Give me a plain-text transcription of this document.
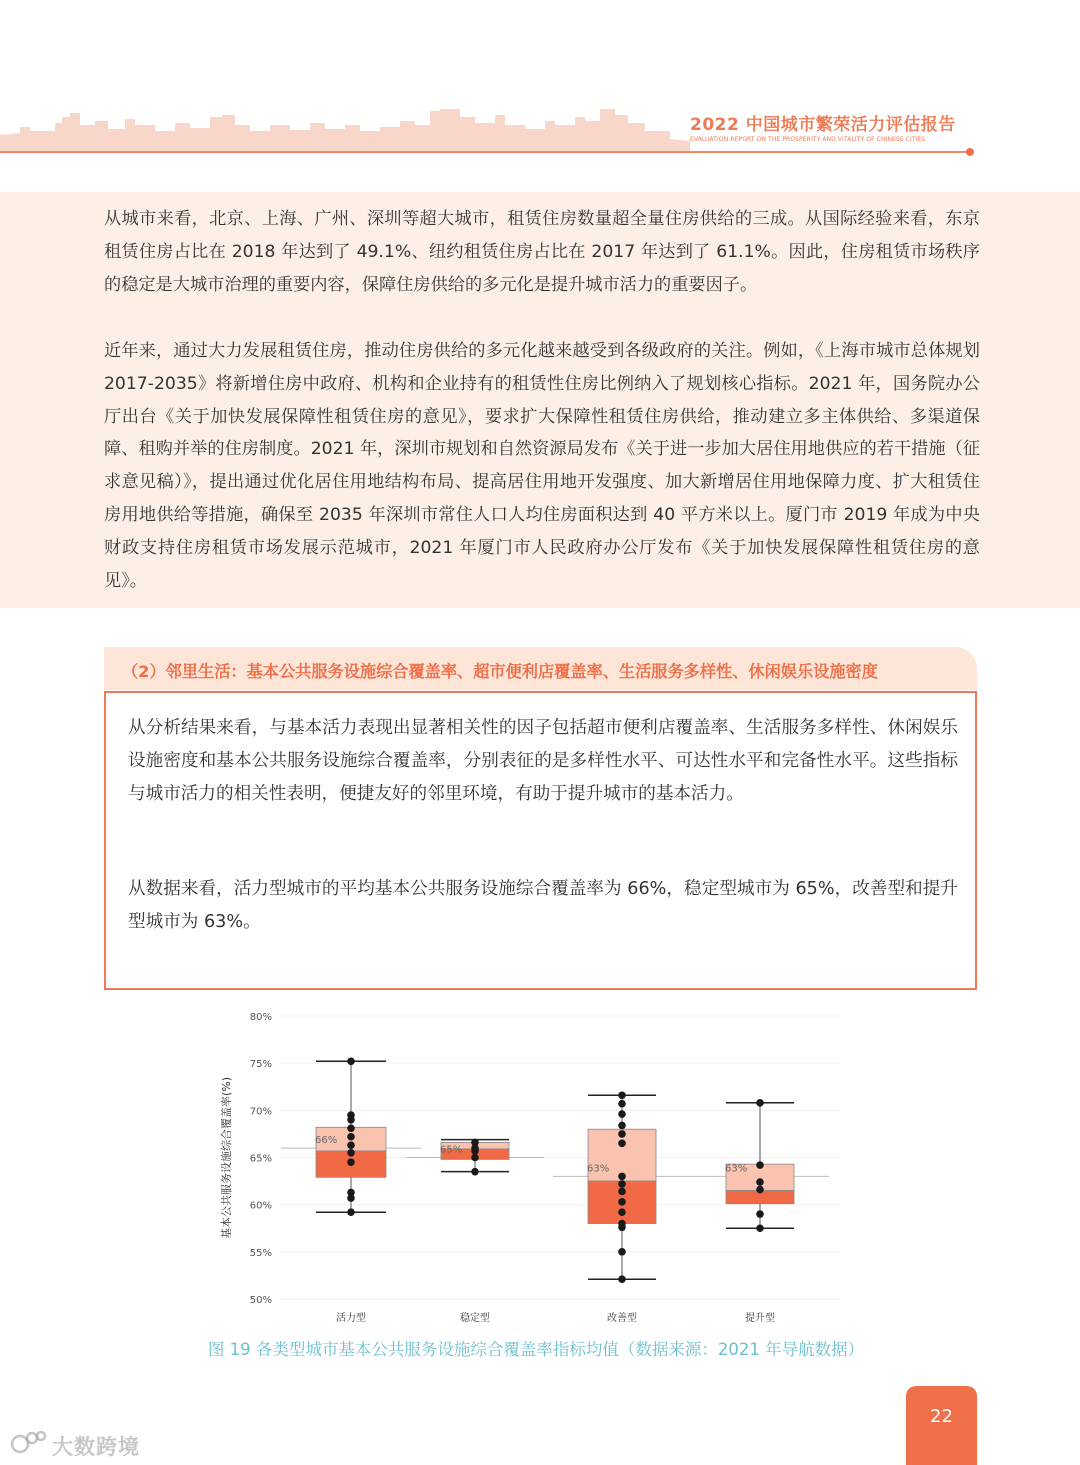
2022 中国城市繁荣活力评估报告
EVALUATION REPORT ON THE PROSPERITY AND VITALITY OF CHINESE CITIES

从城市来看，北京、上海、广州、深圳等超大城市，租赁住房数量超全量住房供给的三成。从国际经验来看，东京租赁住房占比在 2018 年达到了 49.1%、纽约租赁住房占比在 2017 年达到了 61.1%。因此，住房租赁市场秩序的稳定是大城市治理的重要内容，保障住房供给的多元化是提升城市活力的重要因子。

近年来，通过大力发展租赁住房，推动住房供给的多元化越来越受到各级政府的关注。例如，《上海市城市总体规划 2017-2035》将新增住房中政府、机构和企业持有的租赁性住房比例纳入了规划核心指标。2021 年，国务院办公厅出台《关于加快发展保障性租赁住房的意见》，要求扩大保障性租赁住房供给，推动建立多主体供给、多渠道保障、租购并举的住房制度。2021 年，深圳市规划和自然资源局发布《关于进一步加大居住用地供应的若干措施（征求意见稿）》，提出通过优化居住用地结构布局、提高居住用地开发强度、加大新增居住用地保障力度、扩大租赁住房用地供给等措施，确保至 2035 年深圳市常住人口人均住房面积达到 40 平方米以上。厦门市 2019 年成为中央财政支持住房租赁市场发展示范城市，2021 年厦门市人民政府办公厅发布《关于加快发展保障性租赁住房的意见》。

（2）邻里生活：基本公共服务设施综合覆盖率、超市便利店覆盖率、生活服务多样性、休闲娱乐设施密度

从分析结果来看，与基本活力表现出显著相关性的因子包括超市便利店覆盖率、生活服务多样性、休闲娱乐设施密度和基本公共服务设施综合覆盖率，分别表征的是多样性水平、可达性水平和完备性水平。这些指标与城市活力的相关性表明，便捷友好的邻里环境，有助于提升城市的基本活力。

从数据来看，活力型城市的平均基本公共服务设施综合覆盖率为 66%，稳定型城市为 65%，改善型和提升型城市为 63%。

50%
55%
60%
65%
70%
75%
80%
基本公共服务设施综合覆盖率(%)	66%
活力型
65%
稳定型
63%
改善型
63%
提升型
图 19 各类型城市基本公共服务设施综合覆盖率指标均值（数据来源：2021 年导航数据）
22
大数跨境
